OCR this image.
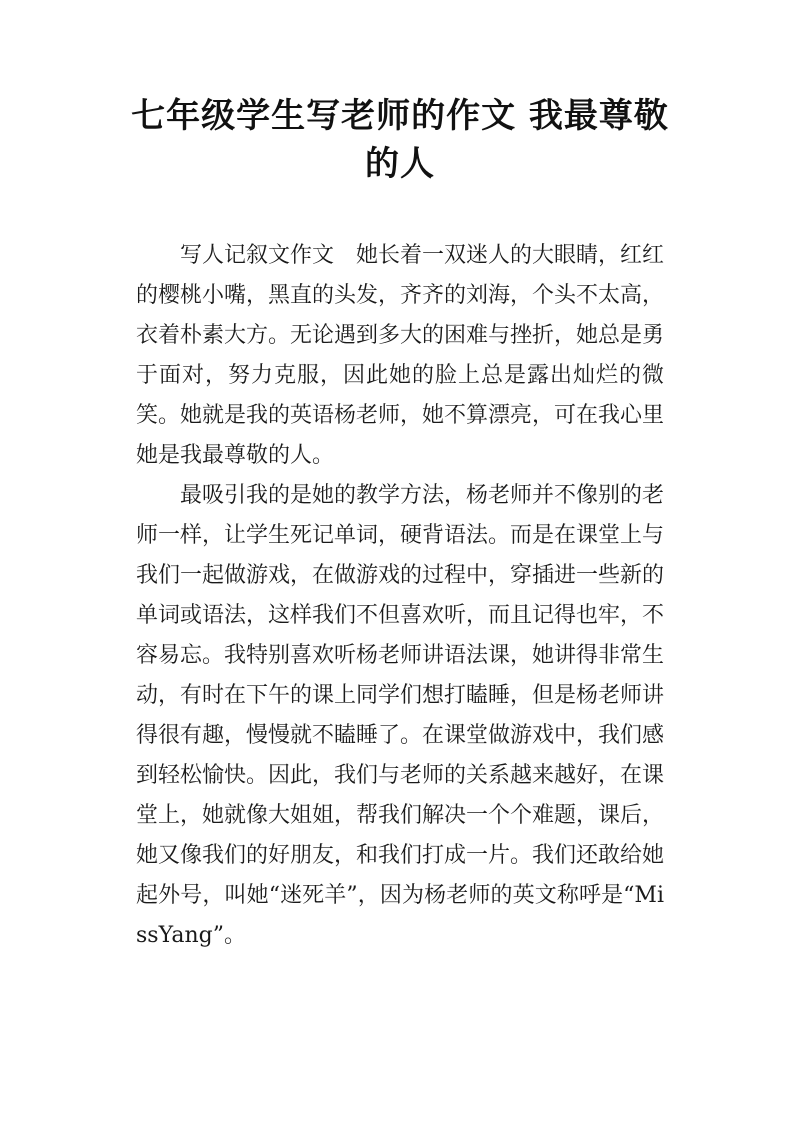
七年级学生写老师的作文 我最尊敬的人

写人记叙文作文　她长着一双迷人的大眼睛，红红的樱桃小嘴，黑直的头发，齐齐的刘海，个头不太高，衣着朴素大方。无论遇到多大的困难与挫折，她总是勇于面对，努力克服，因此她的脸上总是露出灿烂的微笑。她就是我的英语杨老师，她不算漂亮，可在我心里她是我最尊敬的人。

最吸引我的是她的教学方法，杨老师并不像别的老师一样，让学生死记单词，硬背语法。而是在课堂上与我们一起做游戏，在做游戏的过程中，穿插进一些新的单词或语法，这样我们不但喜欢听，而且记得也牢，不容易忘。我特别喜欢听杨老师讲语法课，她讲得非常生动，有时在下午的课上同学们想打瞌睡，但是杨老师讲得很有趣，慢慢就不瞌睡了。在课堂做游戏中，我们感到轻松愉快。因此，我们与老师的关系越来越好，在课堂上，她就像大姐姐，帮我们解决一个个难题，课后，她又像我们的好朋友，和我们打成一片。我们还敢给她起外号，叫她“迷死羊”，因为杨老师的英文称呼是“MissYang”。
